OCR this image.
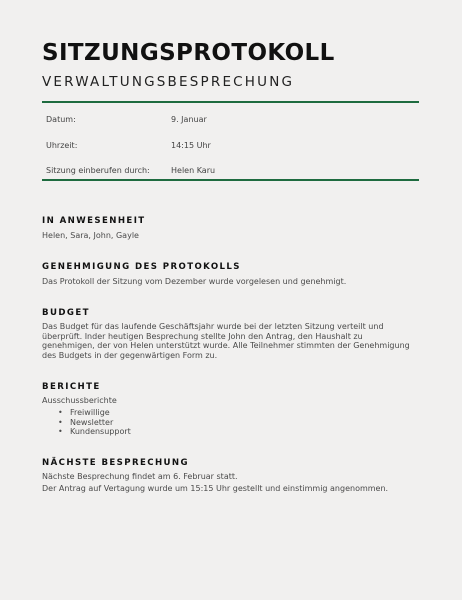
SITZUNGSPROTOKOLL
VERWALTUNGSBESPRECHUNG
Datum:	9. Januar
Uhrzeit:	14:15 Uhr
Sitzung einberufen durch:	Helen Karu
IN ANWESENHEIT
Helen, Sara, John, Gayle
GENEHMIGUNG DES PROTOKOLLS
Das Protokoll der Sitzung vom Dezember wurde vorgelesen und genehmigt.
BUDGET
Das Budget für das laufende Geschäftsjahr wurde bei der letzten Sitzung verteilt und
überprüft. Inder heutigen Besprechung stellte John den Antrag, den Haushalt zu
genehmigen, der von Helen unterstützt wurde. Alle Teilnehmer stimmten der Genehmigung
des Budgets in der gegenwärtigen Form zu.
BERICHTE
Ausschussberichte
• Freiwillige
• Newsletter
• Kundensupport
NÄCHSTE BESPRECHUNG
Nächste Besprechung findet am 6. Februar statt.
Der Antrag auf Vertagung wurde um 15:15 Uhr gestellt und einstimmig angenommen.
